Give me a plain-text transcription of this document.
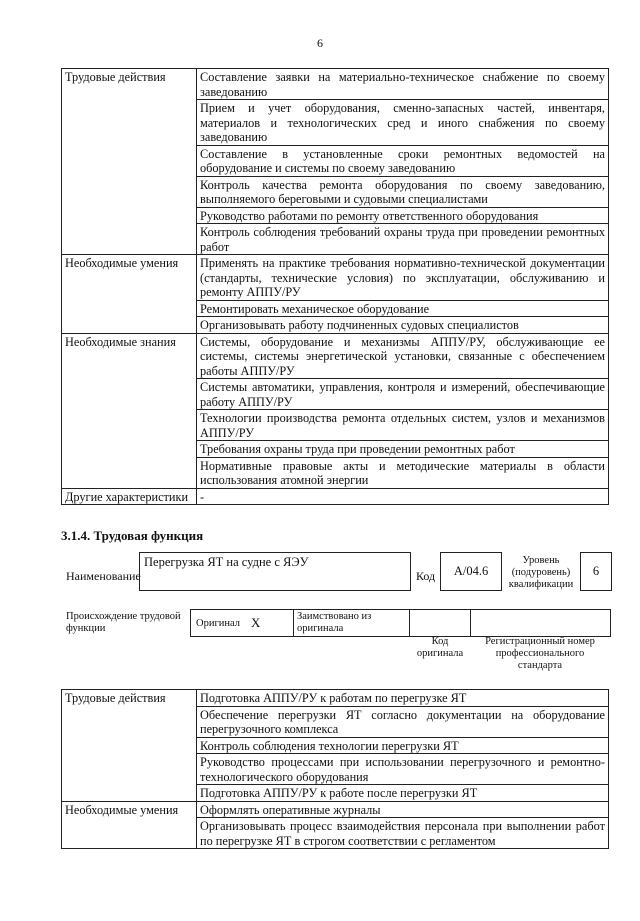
6
Трудовые действия	Составление заявки на материально-техническое снабжение по своему заведованию
	Прием и учет оборудования, сменно-запасных частей, инвентаря, материалов и технологических сред и иного снабжения по своему заведованию
	Составление в установленные сроки ремонтных ведомостей на оборудование и системы по своему заведованию
	Контроль качества ремонта оборудования по своему заведованию, выполняемого береговыми и судовыми специалистами
	Руководство работами по ремонту ответственного оборудования
	Контроль соблюдения требований охраны труда при проведении ремонтных работ
Необходимые умения	Применять на практике требования нормативно-технической документации (стандарты, технические условия) по эксплуатации, обслуживанию и ремонту АППУ/РУ
	Ремонтировать механическое оборудование
	Организовывать работу подчиненных судовых специалистов
Необходимые знания	Системы, оборудование и механизмы АППУ/РУ, обслуживающие ее системы, системы энергетической установки, связанные с обеспечением работы АППУ/РУ
	Системы автоматики, управления, контроля и измерений, обеспечивающие работу АППУ/РУ
	Технологии производства ремонта отдельных систем, узлов и механизмов АППУ/РУ
	Требования охраны труда при проведении ремонтных работ
	Нормативные правовые акты и методические материалы в области использования атомной энергии
Другие характеристики	-
3.1.4. Трудовая функция
Наименование
Перегрузка ЯТ на судне с ЯЭУ
Код А/04.6
Уровень (подуровень) квалификации
6
Происхождение трудовой функции	Оригинал X	Заимствовано из оригинала
Код оригинала
Регистрационный номер профессионального стандарта
Трудовые действия	Подготовка АППУ/РУ к работам по перегрузке ЯТ
	Обеспечение перегрузки ЯТ согласно документации на оборудование перегрузочного комплекса
	Контроль соблюдения технологии перегрузки ЯТ
	Руководство процессами при использовании перегрузочного и ремонтно-технологического оборудования
	Подготовка АППУ/РУ к работе после перегрузки ЯТ
Необходимые умения	Оформлять оперативные журналы
	Организовывать процесс взаимодействия персонала при выполнении работ по перегрузке ЯТ в строгом соответствии с регламентом
